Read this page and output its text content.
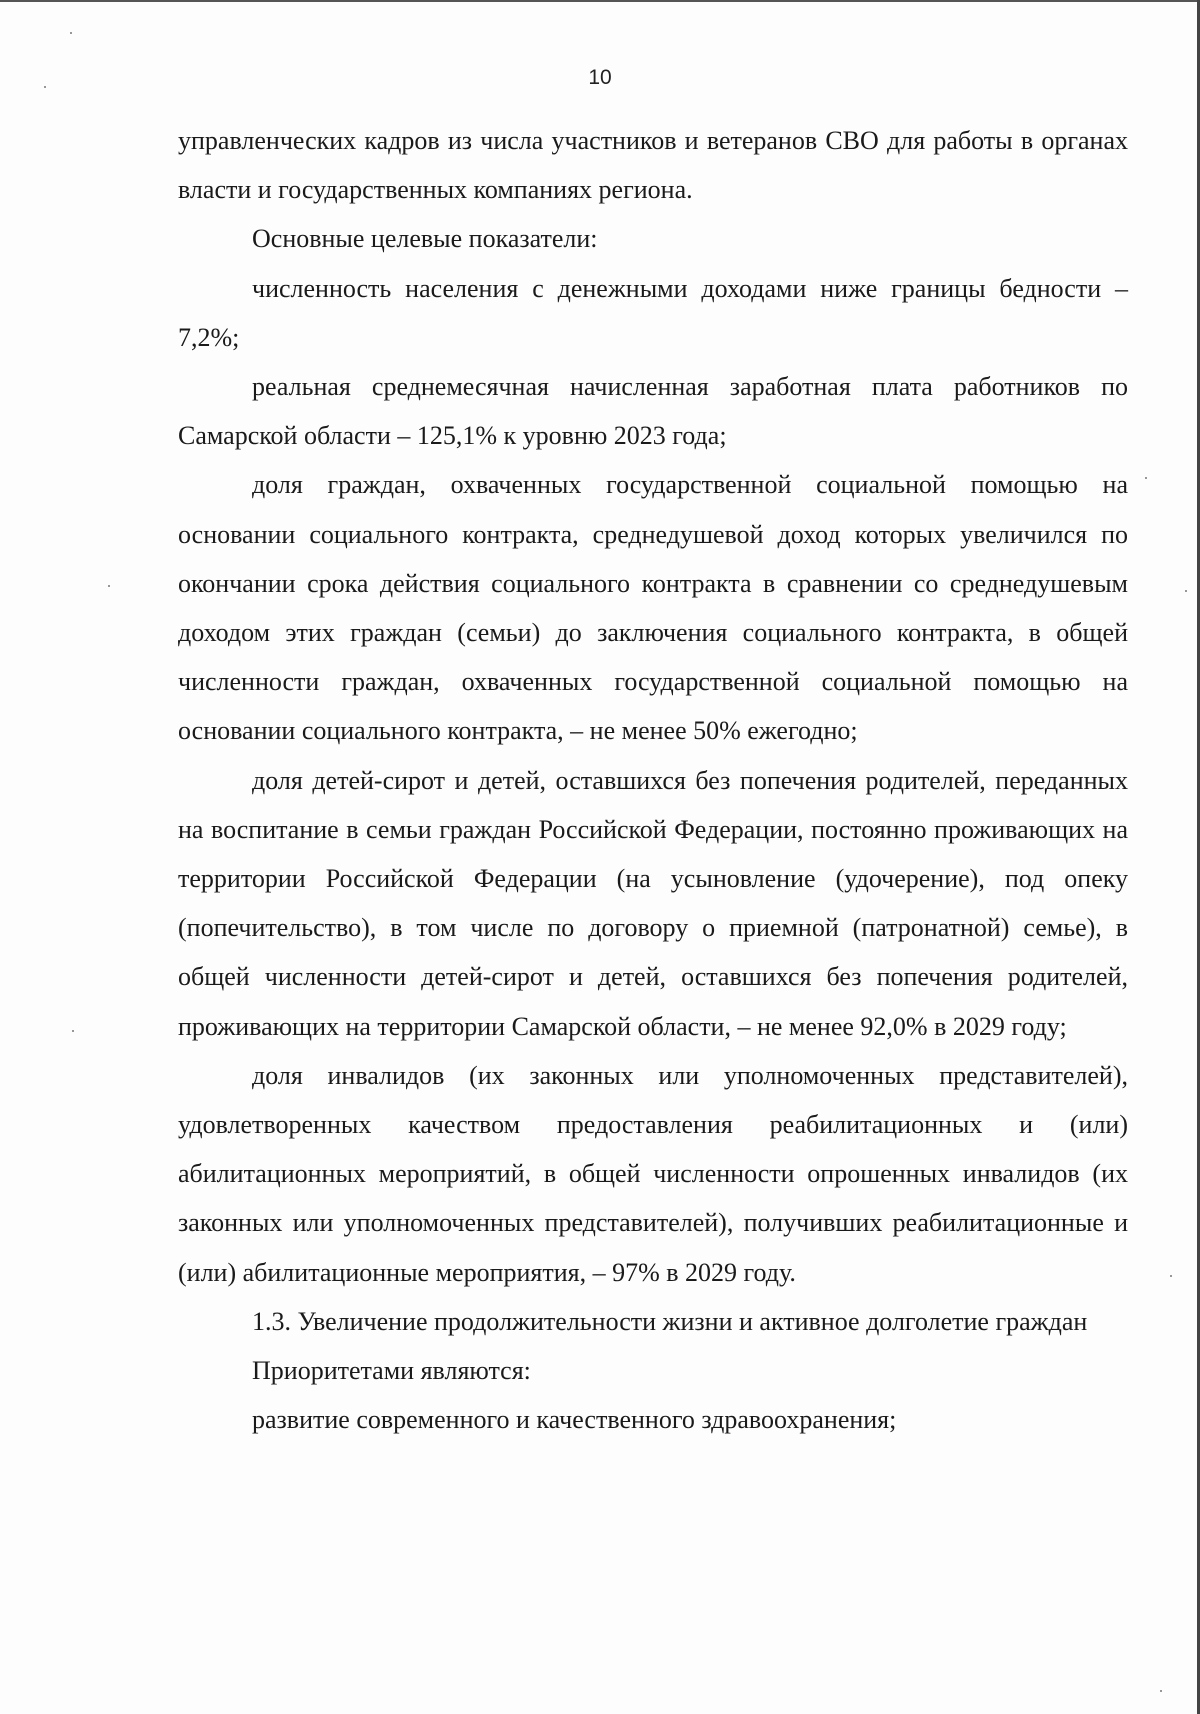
10

управленческих кадров из числа участников и ветеранов СВО для работы в органах власти и государственных компаниях региона.

Основные целевые показатели:

численность населения с денежными доходами ниже границы бедности – 7,2%;

реальная среднемесячная начисленная заработная плата работников по Самарской области – 125,1% к уровню 2023 года;

доля граждан, охваченных государственной социальной помощью на основании социального контракта, среднедушевой доход которых увеличился по окончании срока действия социального контракта в сравнении со среднедушевым доходом этих граждан (семьи) до заключения социального контракта, в общей численности граждан, охваченных государственной социальной помощью на основании социального контракта, – не менее 50% ежегодно;

доля детей-сирот и детей, оставшихся без попечения родителей, переданных на воспитание в семьи граждан Российской Федерации, постоянно проживающих на территории Российской Федерации (на усыновление (удочерение), под опеку (попечительство), в том числе по договору о приемной (патронатной) семье), в общей численности детей-сирот и детей, оставшихся без попечения родителей, проживающих на территории Самарской области, – не менее 92,0% в 2029 году;

доля инвалидов (их законных или уполномоченных представителей), удовлетворенных качеством предоставления реабилитационных и (или) абилитационных мероприятий, в общей численности опрошенных инвалидов (их законных или уполномоченных представителей), получивших реабилитационные и (или) абилитационные мероприятия, – 97% в 2029 году.

1.3. Увеличение продолжительности жизни и активное долголетие граждан

Приоритетами являются:

развитие современного и качественного здравоохранения;
